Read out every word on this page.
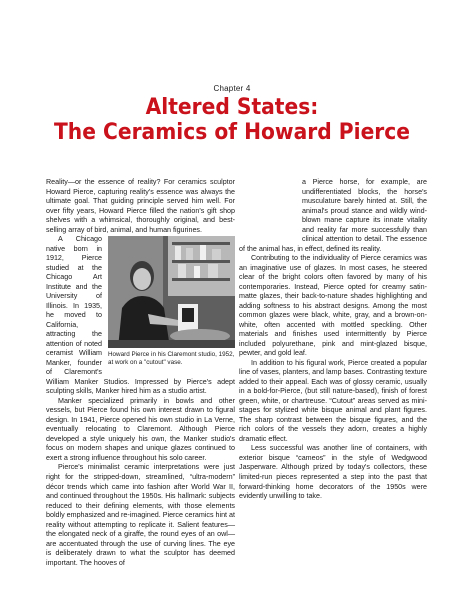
Chapter 4
Altered States:
The Ceramics of Howard Pierce

Reality—or the essence of reality? For ceramics sculptor Howard Pierce, capturing reality's essence was always the ultimate goal. That guiding principle served him well. For over fifty years, Howard Pierce filled the nation's gift shop shelves with a whimsical, thoroughly original, and best-selling array of bird, animal, and human figurines.

Howard Pierce in his Claremont studio, 1952, at work on a "cutout" vase.

A Chicago native born in 1912, Pierce studied at the Chicago Art Institute and the University of Illinois. In 1935, he moved to California, attracting the attention of noted ceramist William Manker, founder of Claremont's William Manker Studios. Impressed by Pierce's adept sculpting skills, Manker hired him as a studio artist.

Manker specialized primarily in bowls and other vessels, but Pierce found his own interest drawn to figural design. In 1941, Pierce opened his own studio in La Verne, eventually relocating to Claremont. Although Pierce developed a style uniquely his own, the Manker studio's focus on modern shapes and unique glazes continued to exert a strong influence throughout his solo career.

Pierce's minimalist ceramic interpretations were just right for the stripped-down, streamlined, “ultra-modern” décor trends which came into fashion after World War II, and continued throughout the 1950s. His hallmark: subjects reduced to their defining elements, with those elements boldly emphasized and re-imagined. Pierce ceramics hint at reality without attempting to replicate it. Salient features—the elongated neck of a giraffe, the round eyes of an owl—are accentuated through the use of curving lines. The eye is deliberately drawn to what the sculptor has deemed important. The hooves of

a Pierce horse, for example, are undifferentiated blocks, the horse's musculature barely hinted at. Still, the animal's proud stance and wildly wind-blown mane capture its innate vitality and reality far more successfully than clinical attention to detail. The essence of the animal has, in effect, defined its reality.

Contributing to the individuality of Pierce ceramics was an imaginative use of glazes. In most cases, he steered clear of the bright colors often favored by many of his contemporaries. Instead, Pierce opted for creamy satin-matte glazes, their back-to-nature shades highlighting and adding softness to his abstract designs. Among the most common glazes were black, white, gray, and a brown-on-white, often accented with mottled speckling. Other materials and finishes used intermittently by Pierce included polyurethane, pink and mint-glazed bisque, pewter, and gold leaf.

In addition to his figural work, Pierce created a popular line of vases, planters, and lamp bases. Contrasting texture added to their appeal. Each was of glossy ceramic, usually in a bold-for-Pierce, (but still nature-based), finish of forest green, white, or chartreuse. “Cutout” areas served as mini-stages for stylized white bisque animal and plant figures. The sharp contrast between the bisque figures, and the rich colors of the vessels they adorn, creates a highly dramatic effect.

Less successful was another line of containers, with exterior bisque “cameos” in the style of Wedgwood Jasperware. Although prized by today's collectors, these limited-run pieces represented a step into the past that forward-thinking home decorators of the 1950s were evidently unwilling to take.
